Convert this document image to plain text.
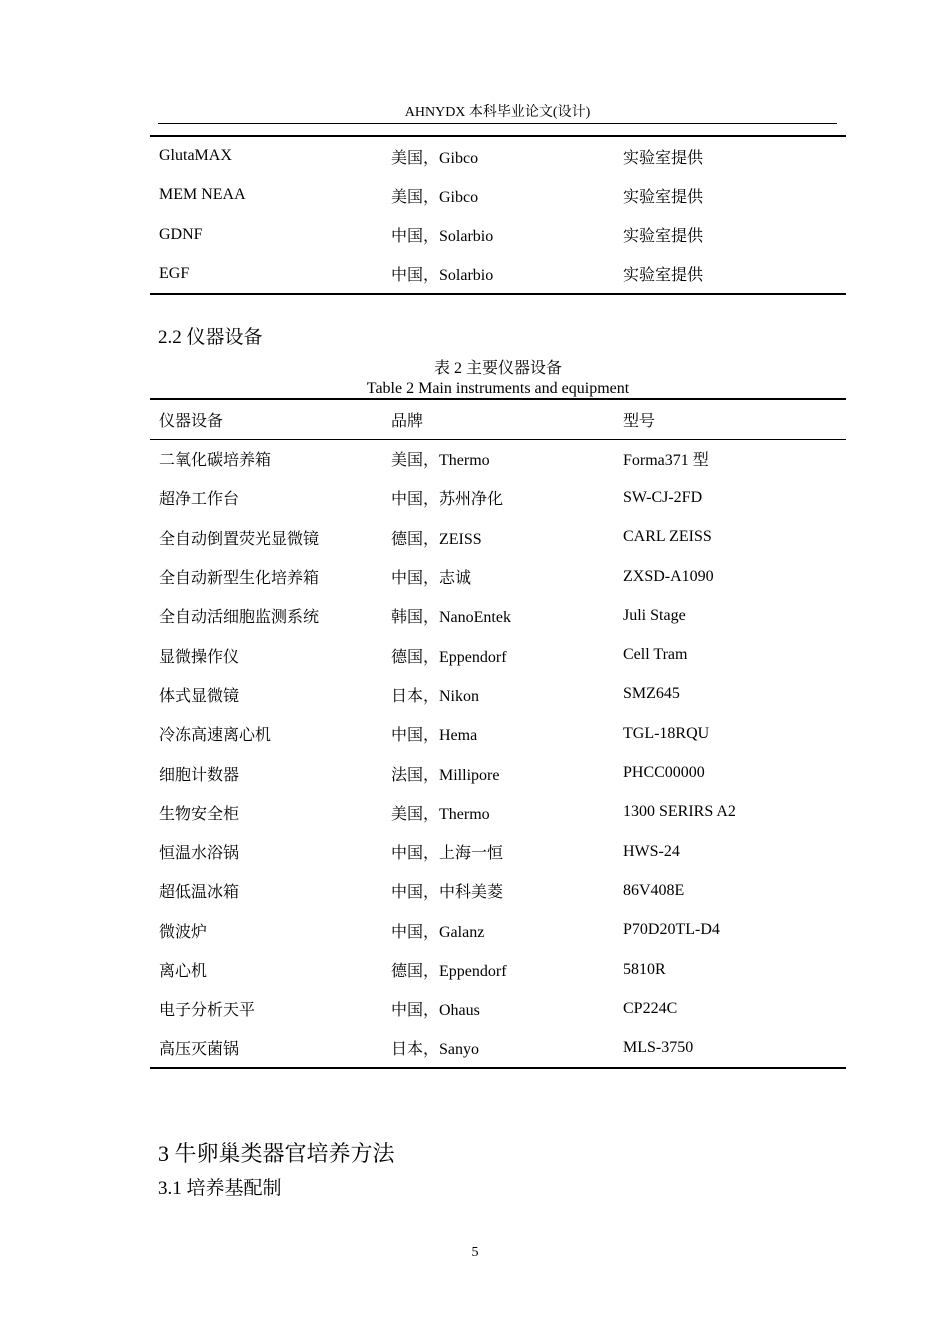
AHNYDX 本科毕业论文(设计)
GlutaMAX	美国，Gibco	实验室提供
MEM NEAA	美国，Gibco	实验室提供
GDNF	中国，Solarbio	实验室提供
EGF	中国，Solarbio	实验室提供
2.2 仪器设备
表 2 主要仪器设备
Table 2 Main instruments and equipment
仪器设备	品牌	型号
二氧化碳培养箱	美国，Thermo	Forma371 型
超净工作台	中国，苏州净化	SW-CJ-2FD
全自动倒置荧光显微镜	德国，ZEISS	CARL ZEISS
全自动新型生化培养箱	中国，志诚	ZXSD-A1090
全自动活细胞监测系统	韩国，NanoEntek	Juli Stage
显微操作仪	德国，Eppendorf	Cell Tram
体式显微镜	日本，Nikon	SMZ645
冷冻高速离心机	中国，Hema	TGL-18RQU
细胞计数器	法国，Millipore	PHCC00000
生物安全柜	美国，Thermo	1300 SERIRS A2
恒温水浴锅	中国，上海一恒	HWS-24
超低温冰箱	中国，中科美菱	86V408E
微波炉	中国，Galanz	P70D20TL-D4
离心机	德国，Eppendorf	5810R
电子分析天平	中国，Ohaus	CP224C
高压灭菌锅	日本，Sanyo	MLS-3750
3 牛卵巢类器官培养方法
3.1 培养基配制
5
